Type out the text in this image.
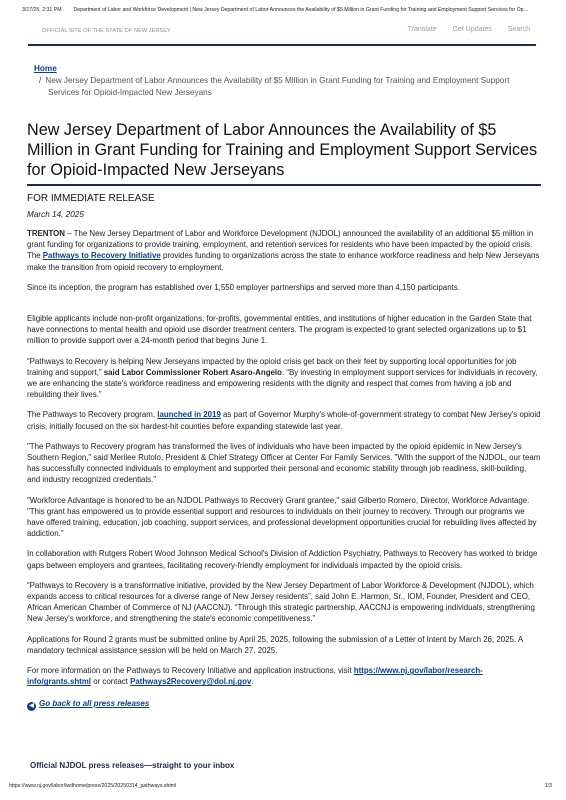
3/17/25, 2:31 PM Department of Labor and Workforce Development | New Jersey Department of Labor Announces the Availability of $5 Million in Grant Funding for Training and Employment Support Services for Op…
OFFICIAL SITE OF THE STATE OF NEW JERSEY	Translate Get Updates Search
Home
/ New Jersey Department of Labor Announces the Availability of $5 Million in Grant Funding for Training and Employment Support Services for Opioid-Impacted New Jerseyans
New Jersey Department of Labor Announces the Availability of $5 Million in Grant Funding for Training and Employment Support Services for Opioid-Impacted New Jerseyans
FOR IMMEDIATE RELEASE
March 14, 2025

TRENTON – The New Jersey Department of Labor and Workforce Development (NJDOL) announced the availability of an additional $5 million in grant funding for organizations to provide training, employment, and retention services for residents who have been impacted by the opioid crisis. The Pathways to Recovery Initiative provides funding to organizations across the state to enhance workforce readiness and help New Jerseyans make the transition from opioid recovery to employment.

Since its inception, the program has established over 1,550 employer partnerships and served more than 4,150 participants.

Eligible applicants include non-profit organizations, for-profits, governmental entities, and institutions of higher education in the Garden State that have connections to mental health and opioid use disorder treatment centers. The program is expected to grant selected organizations up to $1 million to provide support over a 24-month period that begins June 1.

“Pathways to Recovery is helping New Jerseyans impacted by the opioid crisis get back on their feet by supporting local opportunities for job training and support,” said Labor Commissioner Robert Asaro-Angelo. “By investing in employment support services for individuals in recovery, we are enhancing the state's workforce readiness and empowering residents with the dignity and respect that comes from having a job and rebuilding their lives.”

The Pathways to Recovery program, launched in 2019 as part of Governor Murphy's whole-of-government strategy to combat New Jersey's opioid crisis, initially focused on the six hardest-hit counties before expanding statewide last year.

"The Pathways to Recovery program has transformed the lives of individuals who have been impacted by the opioid epidemic in New Jersey's Southern Region," said Merilee Rutolo, President & Chief Strategy Officer at Center For Family Services. "With the support of the NJDOL, our team has successfully connected individuals to employment and supported their personal and economic stability through job readiness, skill-building, and industry recognized credentials."

"Workforce Advantage is honored to be an NJDOL Pathways to Recovery Grant grantee," said Gilberto Romero, Director, Workforce Advantage. "This grant has empowered us to provide essential support and resources to individuals on their journey to recovery. Through our programs we have offered training, education, job coaching, support services, and professional development opportunities crucial for rebuilding lives affected by addiction."

In collaboration with Rutgers Robert Wood Johnson Medical School's Division of Addiction Psychiatry, Pathways to Recovery has worked to bridge gaps between employers and grantees, facilitating recovery-friendly employment for individuals impacted by the opioid crisis.

“Pathways to Recovery is a transformative initiative, provided by the New Jersey Department of Labor Workforce & Development (NJDOL), which expands access to critical resources for a diverse range of New Jersey residents”, said John E. Harmon, Sr., IOM, Founder, President and CEO, African American Chamber of Commerce of NJ (AACCNJ). “Through this strategic partnership, AACCNJ is empowering individuals, strengthening New Jersey's workforce, and strengthening the state's economic competitiveness.”

Applications for Round 2 grants must be submitted online by April 25, 2025, following the submission of a Letter of Intent by March 26, 2025. A mandatory technical assistance session will be held on March 27, 2025.

For more information on the Pathways to Recovery Initiative and application instructions, visit https://www.nj.gov/labor/research-info/grants.shtml or contact Pathways2Recovery@dol.nj.gov.

◀ Go back to all press releases
Official NJDOL press releases—straight to your inbox
https://www.nj.gov/labor/lwdhome/press/2025/20250314_pathways.shtml	1/3
